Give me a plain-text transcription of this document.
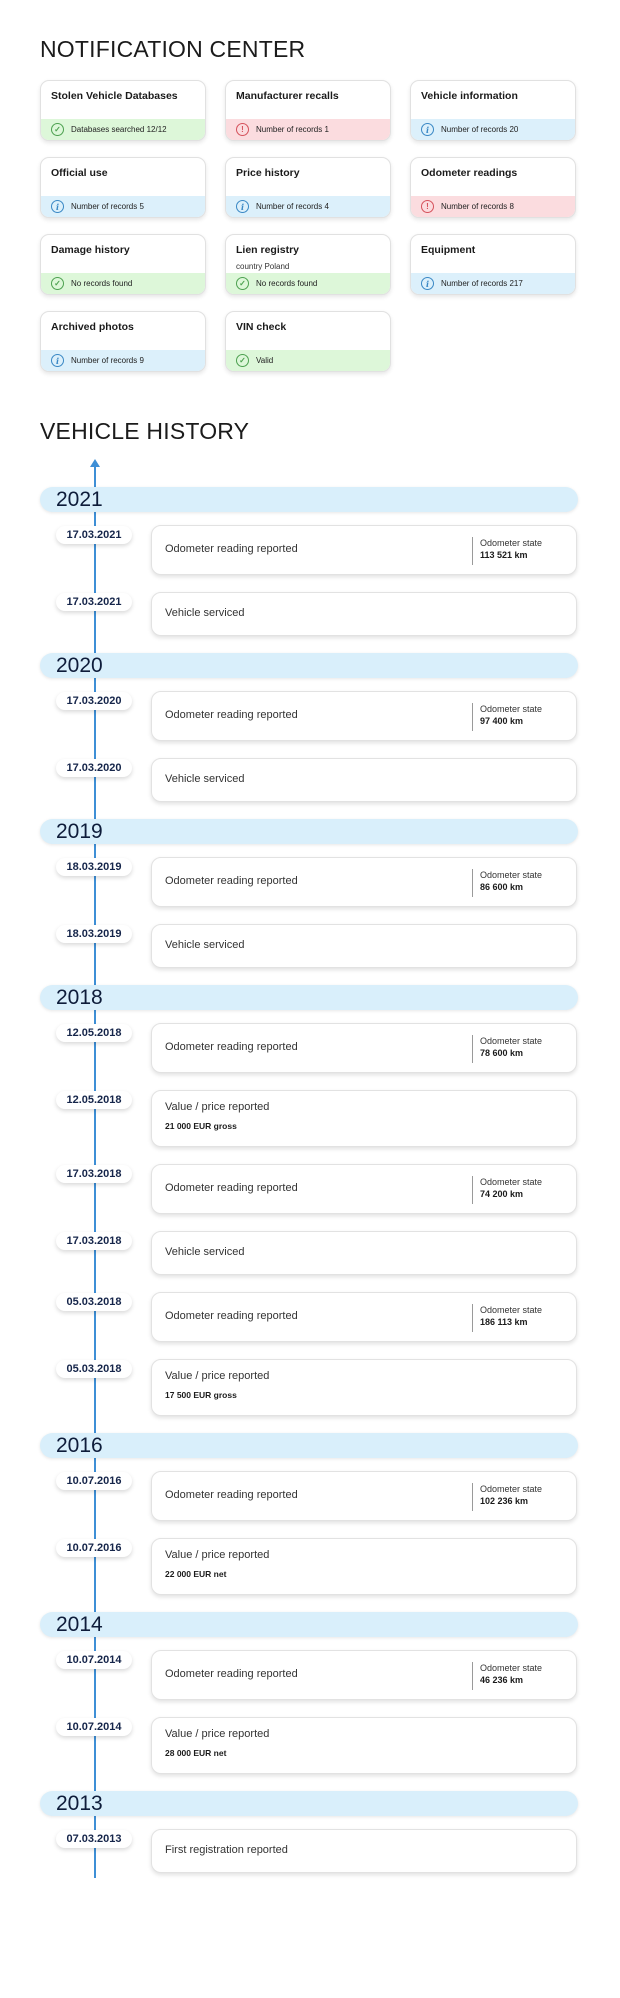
NOTIFICATION CENTER
Stolen Vehicle Databases
✓	Databases searched 12/12
Manufacturer recalls
!	Number of records 1
Vehicle information
i	Number of records 20
Official use
i	Number of records 5
Price history
i	Number of records 4
Odometer readings
!	Number of records 8
Damage history
✓	No records found
Lien registry
country Poland
✓	No records found
Equipment
i	Number of records 217
Archived photos
i	Number of records 9
VIN check
✓	Valid
VEHICLE HISTORY
2021
17.03.2021
Odometer reading reported	Odometer state
113 521 km
17.03.2021
Vehicle serviced
2020
17.03.2020
Odometer reading reported	Odometer state
97 400 km
17.03.2020
Vehicle serviced
2019
18.03.2019
Odometer reading reported	Odometer state
86 600 km
18.03.2019
Vehicle serviced
2018
12.05.2018
Odometer reading reported	Odometer state
78 600 km
12.05.2018
Value / price reported
21 000 EUR gross
17.03.2018
Odometer reading reported	Odometer state
74 200 km
17.03.2018
Vehicle serviced
05.03.2018
Odometer reading reported	Odometer state
186 113 km
05.03.2018
Value / price reported
17 500 EUR gross
2016
10.07.2016
Odometer reading reported	Odometer state
102 236 km
10.07.2016
Value / price reported
22 000 EUR net
2014
10.07.2014
Odometer reading reported	Odometer state
46 236 km
10.07.2014
Value / price reported
28 000 EUR net
2013
07.03.2013
First registration reported
